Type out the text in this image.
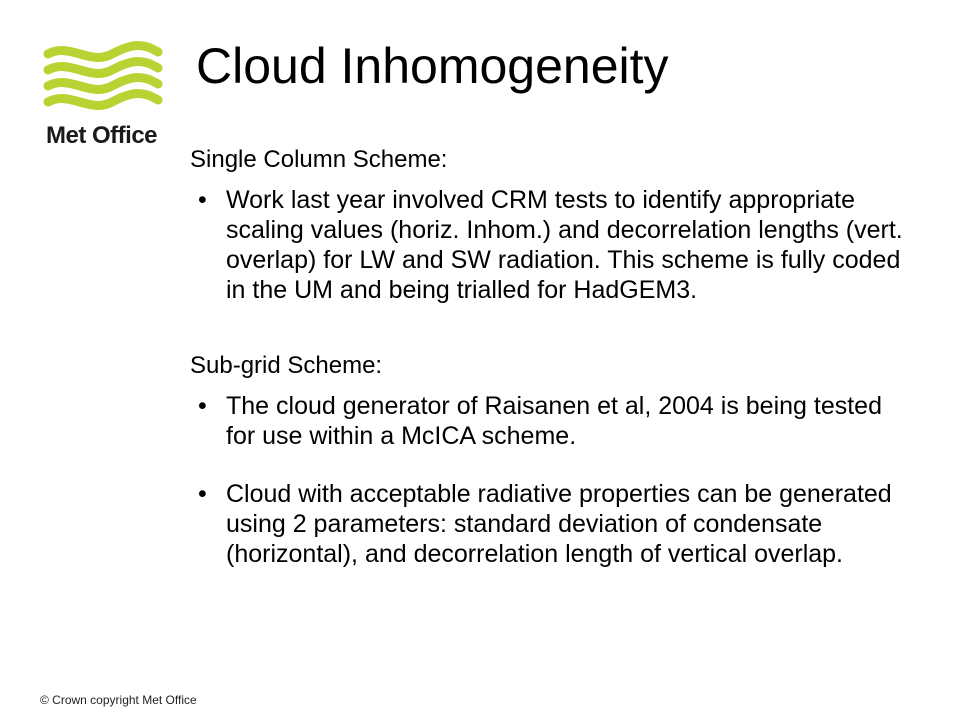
Met Office
Cloud Inhomogeneity

Single Column Scheme:

• Work last year involved CRM tests to identify appropriate scaling values (horiz. Inhom.) and decorrelation lengths (vert. overlap) for LW and SW radiation. This scheme is fully coded in the UM and being trialled for HadGEM3.

Sub-grid Scheme:

• The cloud generator of Raisanen et al, 2004 is being tested for use within a McICA scheme.
• Cloud with acceptable radiative properties can be generated using 2 parameters: standard deviation of condensate (horizontal), and decorrelation length of vertical overlap.
© Crown copyright Met Office
